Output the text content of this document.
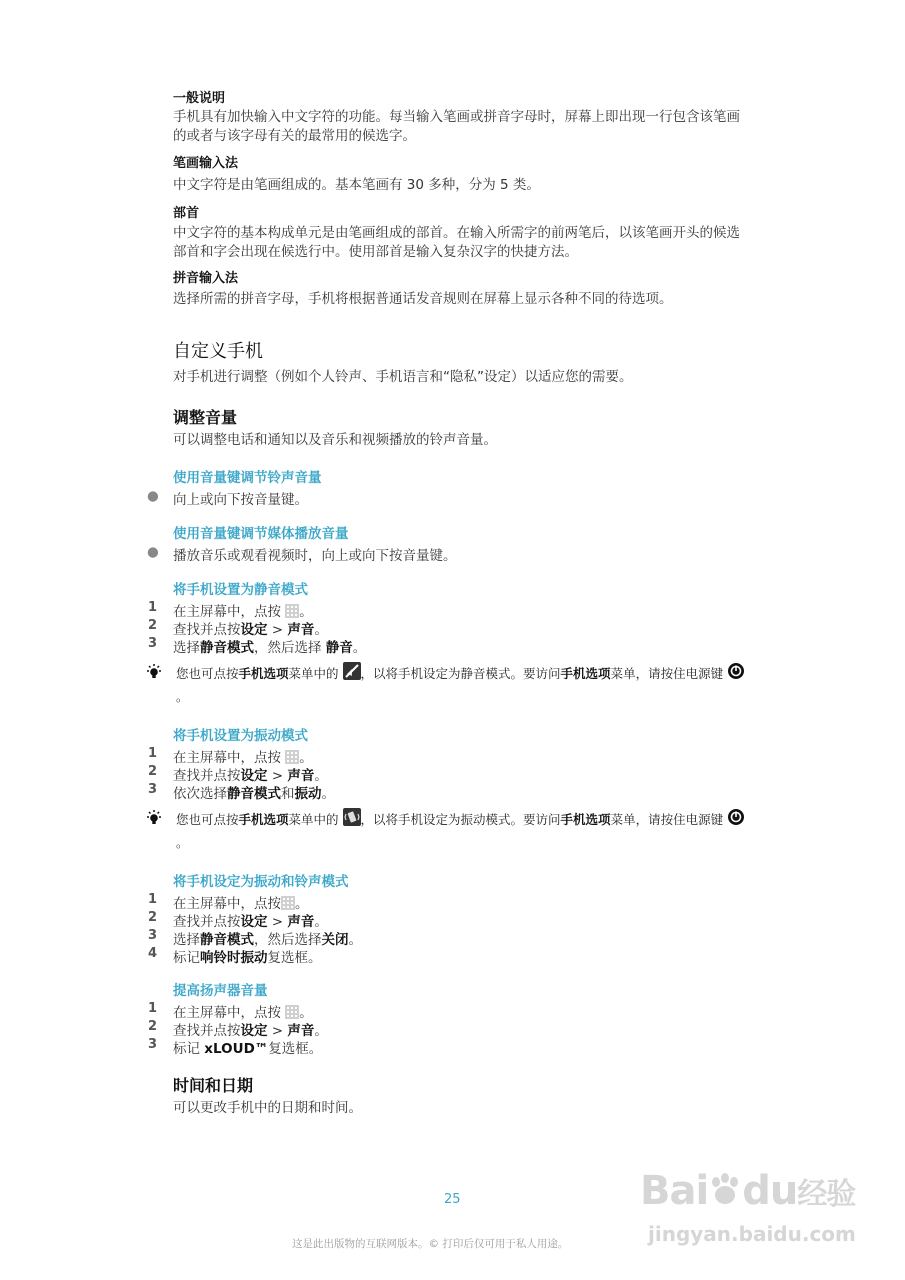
一般说明
手机具有加快输入中文字符的功能。每当输入笔画或拼音字母时，屏幕上即出现一行包含该笔画的或者与该字母有关的最常用的候选字。
笔画输入法
中文字符是由笔画组成的。基本笔画有 30 多种，分为 5 类。
部首
中文字符的基本构成单元是由笔画组成的部首。在输入所需字的前两笔后，以该笔画开头的候选部首和字会出现在候选行中。使用部首是输入复杂汉字的快捷方法。
拼音输入法
选择所需的拼音字母，手机将根据普通话发音规则在屏幕上显示各种不同的待选项。
自定义手机
对手机进行调整（例如个人铃声、手机语言和“隐私”设定）以适应您的需要。
调整音量
可以调整电话和通知以及音乐和视频播放的铃声音量。
使用音量键调节铃声音量
● 向上或向下按音量键。
使用音量键调节媒体播放音量
● 播放音乐或观看视频时，向上或向下按音量键。
将手机设置为静音模式
1 在主屏幕中，点按 。
2 查找并点按设定 > 声音。
3 选择静音模式，然后选择 静音。
您也可点按手机选项菜单中的 ，以将手机设定为静音模式。要访问手机选项菜单，请按住电源键 。
将手机设置为振动模式
1 在主屏幕中，点按 。
2 查找并点按设定 > 声音。
3 依次选择静音模式和振动。
您也可点按手机选项菜单中的 ，以将手机设定为振动模式。要访问手机选项菜单，请按住电源键 。
将手机设定为振动和铃声模式
1 在主屏幕中，点按 。
2 查找并点按设定 > 声音。
3 选择静音模式，然后选择关闭。
4 标记响铃时振动复选框。
提高扬声器音量
1 在主屏幕中，点按 。
2 查找并点按设定 > 声音。
3 标记 xLOUD™复选框。
时间和日期
可以更改手机中的日期和时间。
25
这是此出版物的互联网版本。© 打印后仅可用于私人用途。
Bai du经验
jingyan.baidu.com
